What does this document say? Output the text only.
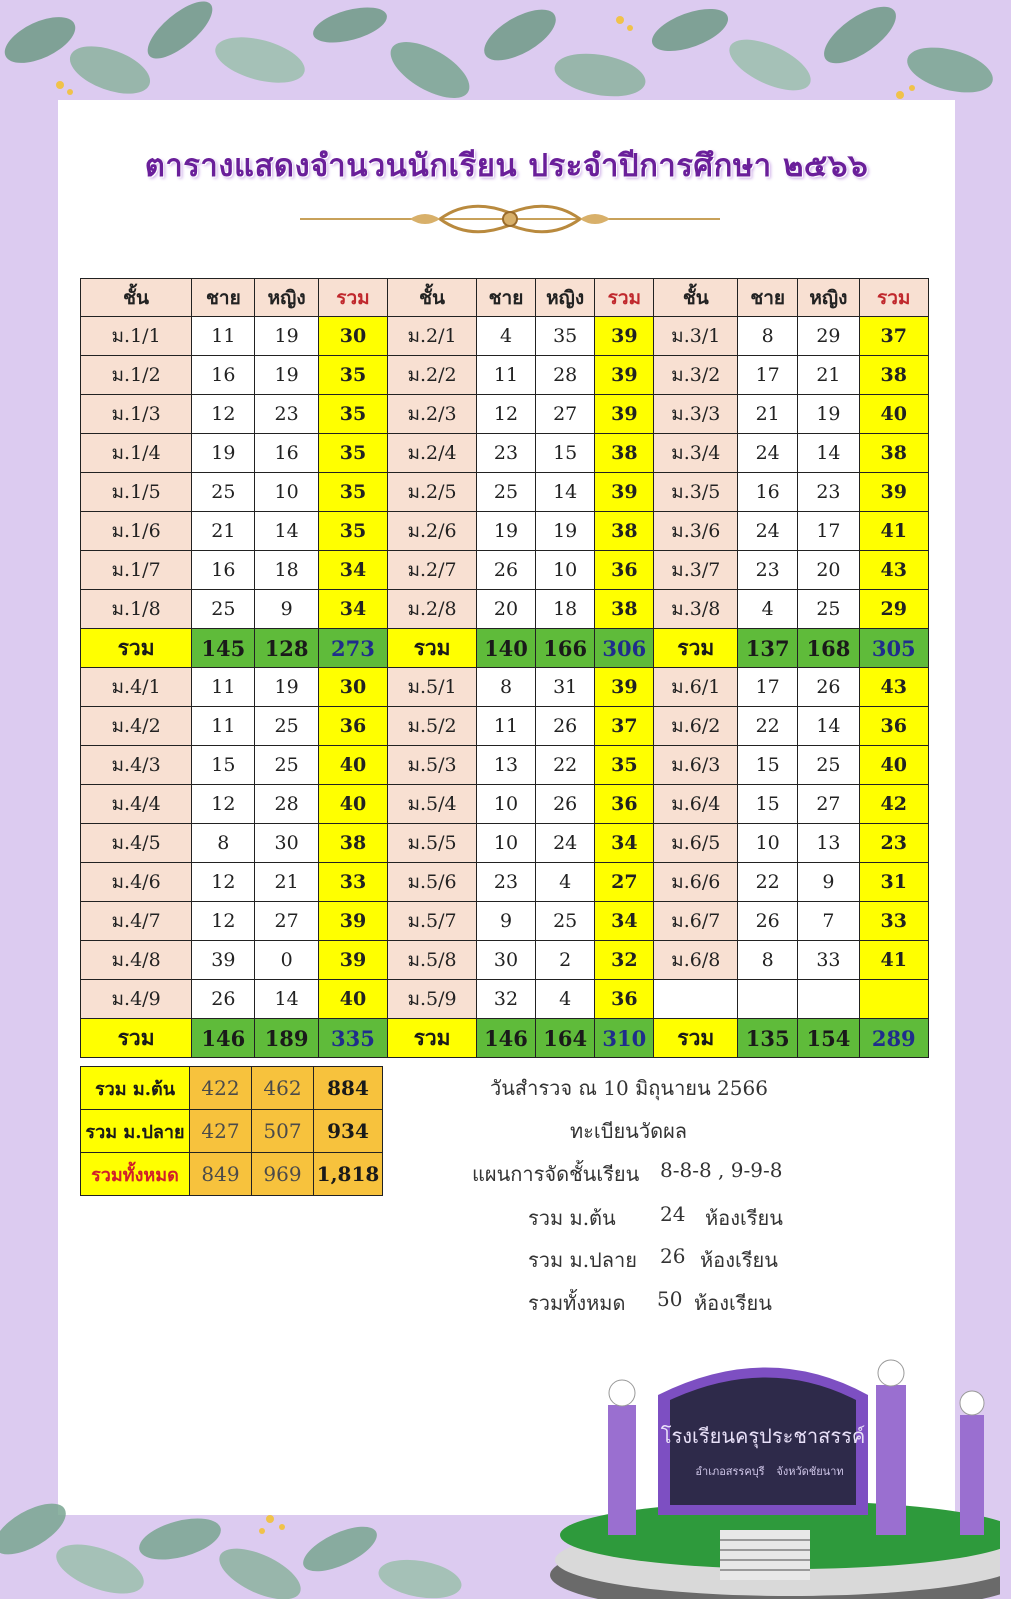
ตารางแสดงจำนวนนักเรียน ประจำปีการศึกษา ๒๕๖๖
ชั้น	ชาย	หญิง	รวม	ชั้น	ชาย	หญิง	รวม	ชั้น	ชาย	หญิง	รวม
ม.1/1	11	19	30	ม.2/1	4	35	39	ม.3/1	8	29	37
ม.1/2	16	19	35	ม.2/2	11	28	39	ม.3/2	17	21	38
ม.1/3	12	23	35	ม.2/3	12	27	39	ม.3/3	21	19	40
ม.1/4	19	16	35	ม.2/4	23	15	38	ม.3/4	24	14	38
ม.1/5	25	10	35	ม.2/5	25	14	39	ม.3/5	16	23	39
ม.1/6	21	14	35	ม.2/6	19	19	38	ม.3/6	24	17	41
ม.1/7	16	18	34	ม.2/7	26	10	36	ม.3/7	23	20	43
ม.1/8	25	9	34	ม.2/8	20	18	38	ม.3/8	4	25	29
รวม	145	128	273	รวม	140	166	306	รวม	137	168	305
ม.4/1	11	19	30	ม.5/1	8	31	39	ม.6/1	17	26	43
ม.4/2	11	25	36	ม.5/2	11	26	37	ม.6/2	22	14	36
ม.4/3	15	25	40	ม.5/3	13	22	35	ม.6/3	15	25	40
ม.4/4	12	28	40	ม.5/4	10	26	36	ม.6/4	15	27	42
ม.4/5	8	30	38	ม.5/5	10	24	34	ม.6/5	10	13	23
ม.4/6	12	21	33	ม.5/6	23	4	27	ม.6/6	22	9	31
ม.4/7	12	27	39	ม.5/7	9	25	34	ม.6/7	26	7	33
ม.4/8	39	0	39	ม.5/8	30	2	32	ม.6/8	8	33	41
ม.4/9	26	14	40	ม.5/9	32	4	36				
รวม	146	189	335	รวม	146	164	310	รวม	135	154	289
รวม ม.ต้น	422	462	884
รวม ม.ปลาย	427	507	934
รวมทั้งหมด	849	969	1,818
วันสำรวจ ณ 10 มิถุนายน 2566
ทะเบียนวัดผล
แผนการจัดชั้นเรียน 8-8-8 , 9-9-8
รวม ม.ต้น 24 ห้องเรียน
รวม ม.ปลาย 26 ห้องเรียน
รวมทั้งหมด 50 ห้องเรียน
โรงเรียนครุประชาสรรค์
อำเภอสรรคบุรี จังหวัดชัยนาท
